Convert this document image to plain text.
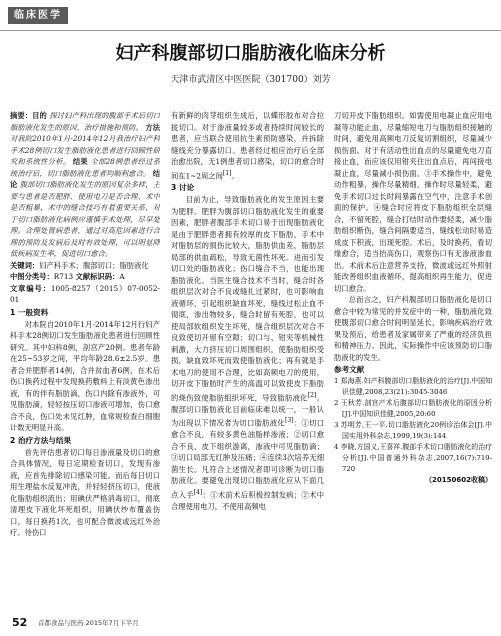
临床医学
妇产科腹部切口脂肪液化临床分析
天津市武清区中医医院（301700）刘芳
摘要：目的 探讨妇产科出现的腹部手术后切口脂肪液化发生的原因、治疗措施和预防。 方法 对我院2010年1月-2014年12月我治疗妇产科手术28例切口发生脂肪液化患者进行回顾性研究和系统性分析。 结果 全部28例患者经过系统治疗后，切口脂肪液化患者均顺利愈合。 结论 腹部切口脂肪液化发生的原因复杂多样，主要与患者是否肥胖、使用电刀是否合理、术中是否粗暴，术中的缝合技巧有着重要关系，对于切口脂肪液化病例应谨慎手术处理，尽早处理。合理处置病患者，通过对高危因素进行合理的预防及发病后及时有效处理，可以明显降低疾病发生率，促进切口愈合。
关键词：妇产科手术；腹部切口；脂肪液化
中图分类号：R713 文献标识码：A
文章编号：1005-8257（2015）07-0052-01
1 一般资料

对本院自2010年1月-2014年12月行妇产科手术28例切口发生脂肪液化患者进行回顾性研究。其中妇科8例，剖宫产20例。患者年龄在25~53岁之间，平均年龄28.6±2.5岁。患者合并肥胖者14例，合并贫血者6例，在术后伤口换药过程中发现换药敷料上有淡黄色渗出液，有的伴有脂肪滴，伤口内除有渗液外，可见脂肪滴，轻轻按压切口渗液可增加，伤口愈合不良，伤口处未见红肿，血常规检查白细胞计数无明显升高。

2 治疗方法与结果

首先评估患者切口每日渗液量及切口的愈合具体情况，每日定期检查切口，发现有渗液，应首先排除切口感染可能。而后每日切口用生理盐水反复冲洗，并轻轻挤压切口，使液化脂肪组织流出；用碘伏严格消毒切口，彻底清理皮下液化坏死组织，用碘伏纱布覆盖伤口，每日换药1次，也可配合微波或远红外治疗。待伤口

有新鲜的肉芽组织生成后，以蝶形胶布对合拉拢切口。对于渗液量较多或者持续时间较长的患者，应当联合使用抗生素预防感染，并拆除缝线充分暴露切口。患者经过相应治疗后全部治愈出院，无1例患者切口感染，切口的愈合时间在1~2周之间[1]。

3 讨论

目前为止，导致脂肪液化的发生原因主要为肥胖。肥胖为腹部切口脂肪液化发生的重要因素，肥胖者腹部手术切口易于出现脂肪液化是由于肥胖患者拥有较厚的皮下脂肪，手术中对脂肪层的损伤比较大，脂肪供血差，脂肪层局部的供血疏松，导致无菌性坏死。进而引发切口处的脂肪液化；伤口缝合不当，也能出现脂肪液化。当医生缝合技术不当时，缝合时各组织层次对合不良或缝扎过紧时，也可影响血液循环，引起组织缺血坏死，缝线过松止血不彻底，渗出物较多，缝合时留有死腔，也可以使局部软组织发生坏死，缝合组织层次对合不良致使切开留有空隙；切口与、钳夹等机械性刺激，大力挤压切口周围组织，使脂肪组织受损，缺血致坏死而致使脂肪液化；再有就是手术电刀的使用不合理，比如高频电刀的使用，切开皮下脂肪时产生的高温可以致使皮下脂肪的烧伤致使脂肪组织坏死，导致脂肪液化[2]。腹部切口脂肪液化目前临床难以统一，一般认为出现以下情况者为切口脂肪液化[3]：①切口愈合不良，有较多黄色油脂样渗液；②切口愈合不良，皮下组织游离，渗液中可见脂肪滴；③切口局部无红肿及压痛；④连续3次培养无细菌生长。凡符合上述情况者即可诊断为切口脂肪液化。要避免出现切口脂肪液化应从下面几点入手[4]：①术前术后积极控制发病；②术中合理使用电刀，不使用高频电

刀切开皮下脂肪组织。如需使用电凝止血应用电凝等功能止血，尽量缩短电刀与脂肪组织接触的时间，避免用高频电刀反复切割组织，尽量减少损伤面。对于有活动性出血点的尽量避免电刀直接止血，而应该仅用钳夹住出血点后，再间接电凝止血，尽量减小损伤面。③手术操作中，避免动作粗暴，操作尽量精细，操作时尽量轻柔，避免手术切口过长时间暴露在空气中，注意手术创面的保护。④缝合时应将皮下脂肪组织全层缝合，不留死腔，缝合打结时动作要轻柔，减少脂肪组织断伤，缝合间隔要适当，缝线松动时易造成皮下积液，出现死腔。术后，及时换药，看切缘愈合，适当抬高伤口，观察伤口有无渗液渗血出。术前术后注意营养支持，微波或远红外照射能改善组织血液循环，提高组织再生能力，促进切口愈合。

总而言之，妇产科腹部切口脂肪液化是切口愈合中较为常见的并发症中的一种，脂肪液化致使腹部切口愈合时间明显延长，影响疾病治疗效果及预后，给患者及家属带来了严重的经济负担和精神压力。因此，实际操作中应该预防切口脂肪液化的发生。

参考文献

1 郑海燕.妇产科腹部切口脂肪液化的治疗[J].中国知识佳健,2008,23(21):3045-3046

2 王秋芳.剖宫产术后腹部切口脂肪液化的原因分析[J].中国知识佳健,2005,20:60

3 苏明芳,王一平.切口脂肪液化20例诊治体会[J].中国实用外科杂志,1999,19(3):144

4 李晓,方国义,王喜祥.腹部手术切口脂肪液化的治疗分析[J].中国普通外科杂志,2007,16(7):719-720

（20150602收稿）
52 首都食品与医药 2015年7月下半月
